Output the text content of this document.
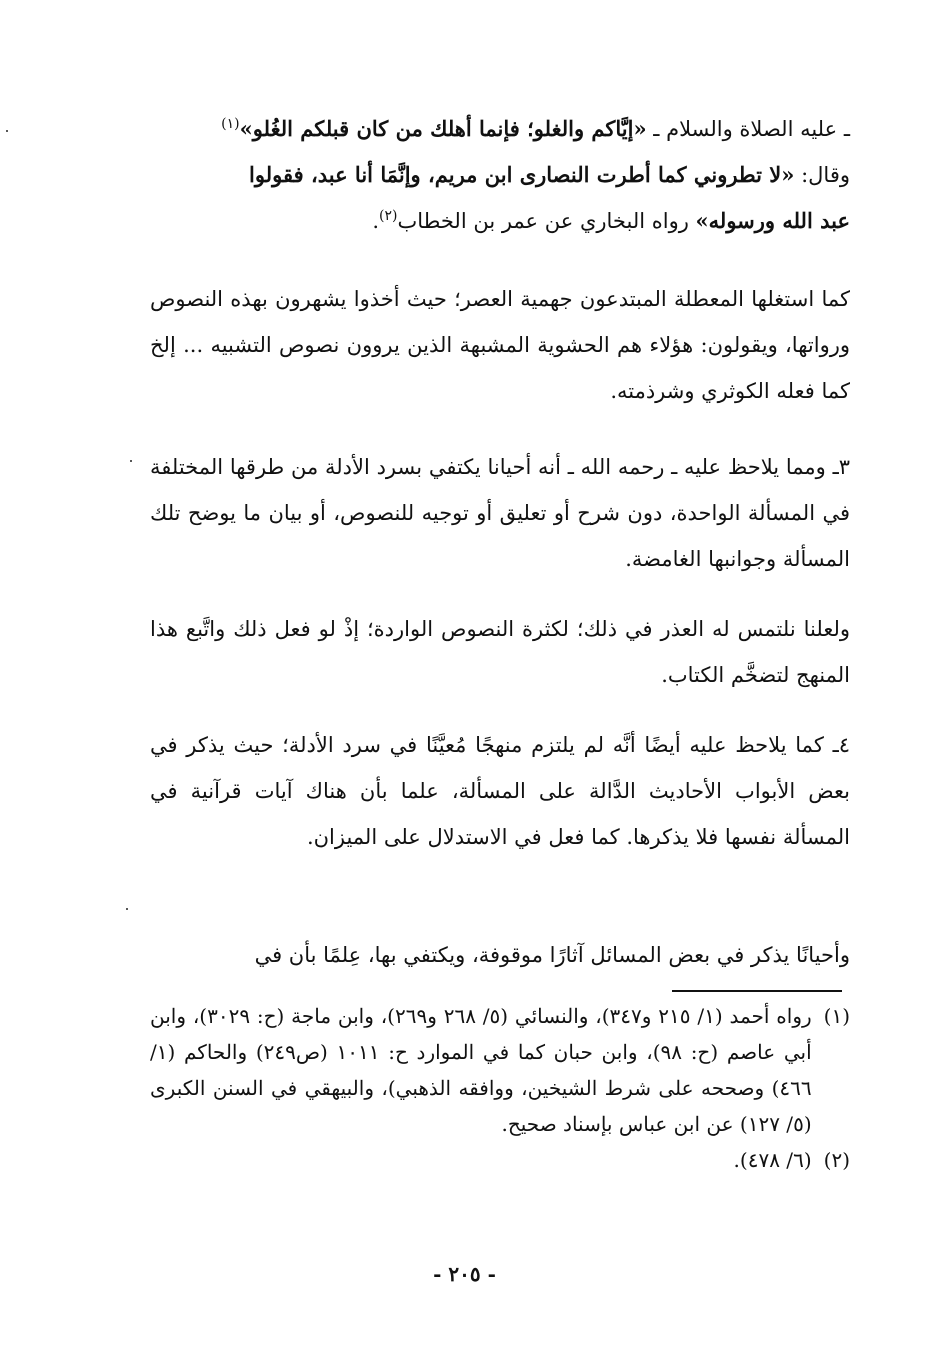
ـ عليه الصلاة والسلام ـ «إيَّاكم والغلو؛ فإنما أهلك من كان قبلكم الغُلو»$^{(١)}$

وقال: «لا تطروني كما أطرت النصارى ابن مريم، وإنَّمَا أنا عبد، فقولوا

عبد الله ورسوله» رواه البخاري عن عمر بن الخطاب$^{(٢)}$.

كما استغلها المعطلة المبتدعون جهمية العصر؛ حيث أخذوا يشهرون بهذه النصوص ورواتها، ويقولون: هؤلاء هم الحشوية المشبهة الذين يروون نصوص التشبيه ... إلخ كما فعله الكوثري وشرذمته.

٣ـ ومما يلاحظ عليه ـ رحمه الله ـ أنه أحيانا يكتفي بسرد الأدلة من طرقها المختلفة في المسألة الواحدة، دون شرح أو تعليق أو توجيه للنصوص، أو بيان ما يوضح تلك المسألة وجوانبها الغامضة.

ولعلنا نلتمس له العذر في ذلك؛ لكثرة النصوص الواردة؛ إذْ لو فعل ذلك واتَّبع هذا المنهج لتضخَّم الكتاب.

٤ـ كما يلاحظ عليه أيضًا أنَّه لم يلتزم منهجًا مُعيَّنًا في سرد الأدلة؛ حيث يذكر في بعض الأبواب الأحاديث الدَّالة على المسألة، علما بأن هناك آيات قرآنية في المسألة نفسها فلا يذكرها. كما فعل في الاستدلال على الميزان.

وأحيانًا يذكر في بعض المسائل آثارًا موقوفة، ويكتفي بها، عِلمًا بأن في

(١)
رواه أحمد (١/ ٢١٥ و٣٤٧)، والنسائي (٥/ ٢٦٨ و٢٦٩)، وابن ماجة (ح: ٣٠٢٩)، وابن أبي عاصم (ح: ٩٨)، وابن حبان كما في الموارد ح: ١٠١١ (ص٢٤٩) والحاكم (١/ ٤٦٦) وصححه على شرط الشيخين، ووافقه الذهبي)، والبيهقي في السنن الكبرى (٥/ ١٢٧) عن ابن عباس بإسناد صحيح.
(٢)
(٦/ ٤٧٨).
- ٢٠٥ -
